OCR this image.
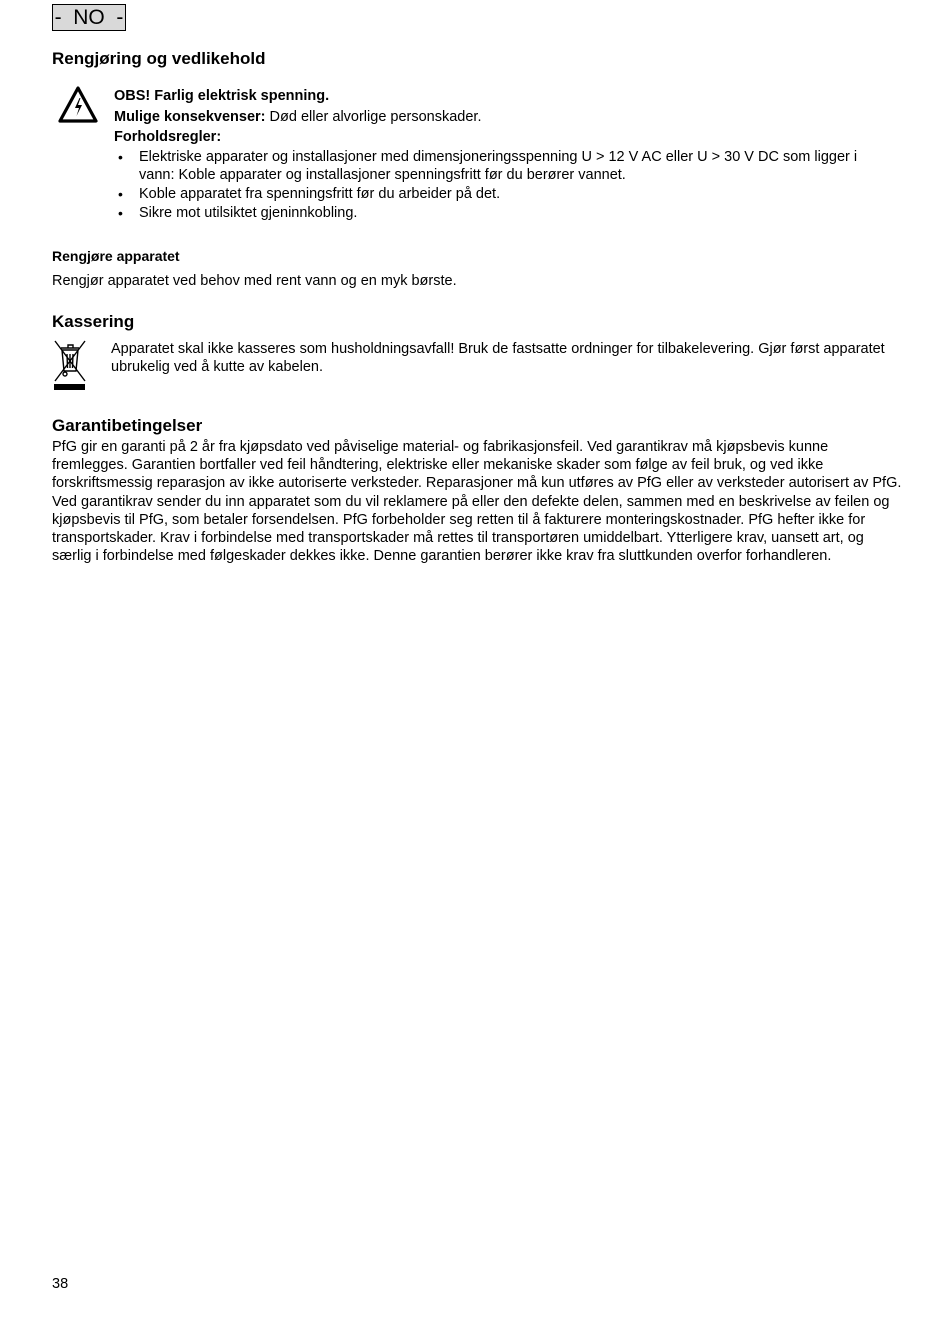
-  NO  -
Rengjøring og vedlikehold
OBS! Farlig elektrisk spenning.
Mulige konsekvenser: Død eller alvorlige personskader.
Forholdsregler:
• Elektriske apparater og installasjoner med dimensjoneringsspenning U > 12 V AC eller U > 30 V DC som ligger i vann: Koble apparater og installasjoner spenningsfritt før du berører vannet.
• Koble apparatet fra spenningsfritt før du arbeider på det.
• Sikre mot utilsiktet gjeninnkobling.
Rengjøre apparatet
Rengjør apparatet ved behov med rent vann og en myk børste.
Kassering
Apparatet skal ikke kasseres som husholdningsavfall! Bruk de fastsatte ordninger for tilbakelevering. Gjør først apparatet ubrukelig ved å kutte av kabelen.
Garantibetingelser
PfG gir en garanti på 2 år fra kjøpsdato ved påviselige material- og fabrikasjonsfeil. Ved garantikrav må kjøpsbevis kunne fremlegges. Garantien bortfaller ved feil håndtering, elektriske eller mekaniske skader som følge av feil bruk, og ved ikke forskriftsmessig reparasjon av ikke autoriserte verksteder. Reparasjoner må kun utføres av PfG eller av verksteder autorisert av PfG. Ved garantikrav sender du inn apparatet som du vil reklamere på eller den defekte delen, sammen med en beskrivelse av feilen og kjøpsbevis til PfG, som betaler forsendelsen. PfG forbeholder seg retten til å fakturere monteringskostnader. PfG hefter ikke for transportskader. Krav i forbindelse med transportskader må rettes til transportøren umiddelbart. Ytterligere krav, uansett art, og særlig i forbindelse med følgeskader dekkes ikke. Denne garantien berører ikke krav fra sluttkunden overfor forhandleren.
38
